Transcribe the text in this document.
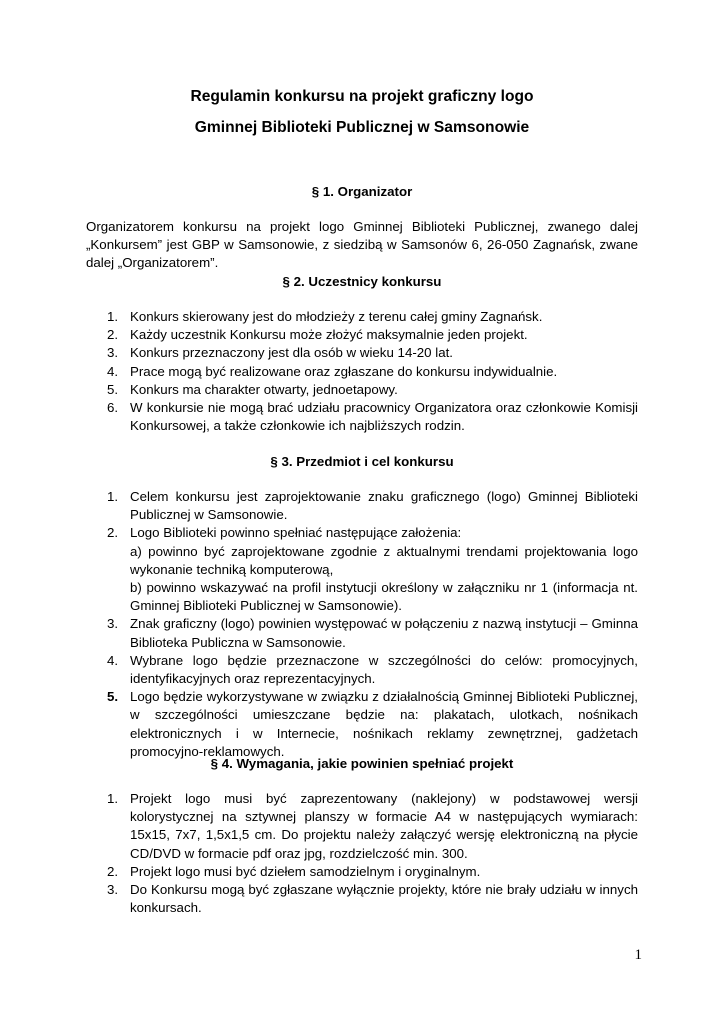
Regulamin konkursu na projekt graficzny logo
Gminnej Biblioteki Publicznej w Samsonowie
§ 1. Organizator

Organizatorem konkursu na projekt logo Gminnej Biblioteki Publicznej, zwanego dalej „Konkursem” jest GBP w Samsonowie, z siedzibą w Samsonów 6, 26-050 Zagnańsk, zwane dalej „Organizatorem”.

§ 2. Uczestnicy konkursu
1. Konkurs skierowany jest do młodzieży z terenu całej gminy Zagnańsk.
2. Każdy uczestnik Konkursu może złożyć maksymalnie jeden projekt.
3. Konkurs przeznaczony jest dla osób w wieku 14-20 lat.
4. Prace mogą być realizowane oraz zgłaszane do konkursu indywidualnie.
5. Konkurs ma charakter otwarty, jednoetapowy.
6. W konkursie nie mogą brać udziału pracownicy Organizatora oraz członkowie Komisji Konkursowej, a także członkowie ich najbliższych rodzin.
§ 3. Przedmiot i cel konkursu
1. Celem konkursu jest zaprojektowanie znaku graficznego (logo) Gminnej Biblioteki Publicznej w Samsonowie.
2. Logo Biblioteki powinno spełniać następujące założenia:
a) powinno być zaprojektowane zgodnie z aktualnymi trendami projektowania logo wykonanie techniką komputerową,
b) powinno wskazywać na profil instytucji określony w załączniku nr 1 (informacja nt. Gminnej Biblioteki Publicznej w Samsonowie).
3. Znak graficzny (logo) powinien występować w połączeniu z nazwą instytucji – Gminna Biblioteka Publiczna w Samsonowie.
4. Wybrane logo będzie przeznaczone w szczególności do celów: promocyjnych, identyfikacyjnych oraz reprezentacyjnych.
5. Logo będzie wykorzystywane w związku z działalnością Gminnej Biblioteki Publicznej, w szczególności umieszczane będzie na: plakatach, ulotkach, nośnikach elektronicznych i w Internecie, nośnikach reklamy zewnętrznej, gadżetach promocyjno-reklamowych.
§ 4. Wymagania, jakie powinien spełniać projekt
1. Projekt logo musi być zaprezentowany (naklejony) w podstawowej wersji kolorystycznej na sztywnej planszy w formacie A4 w następujących wymiarach: 15x15, 7x7, 1,5x1,5 cm. Do projektu należy załączyć wersję elektroniczną na płycie CD/DVD w formacie pdf oraz jpg, rozdzielczość min. 300.
2. Projekt logo musi być dziełem samodzielnym i oryginalnym.
3. Do Konkursu mogą być zgłaszane wyłącznie projekty, które nie brały udziału w innych konkursach.
1
